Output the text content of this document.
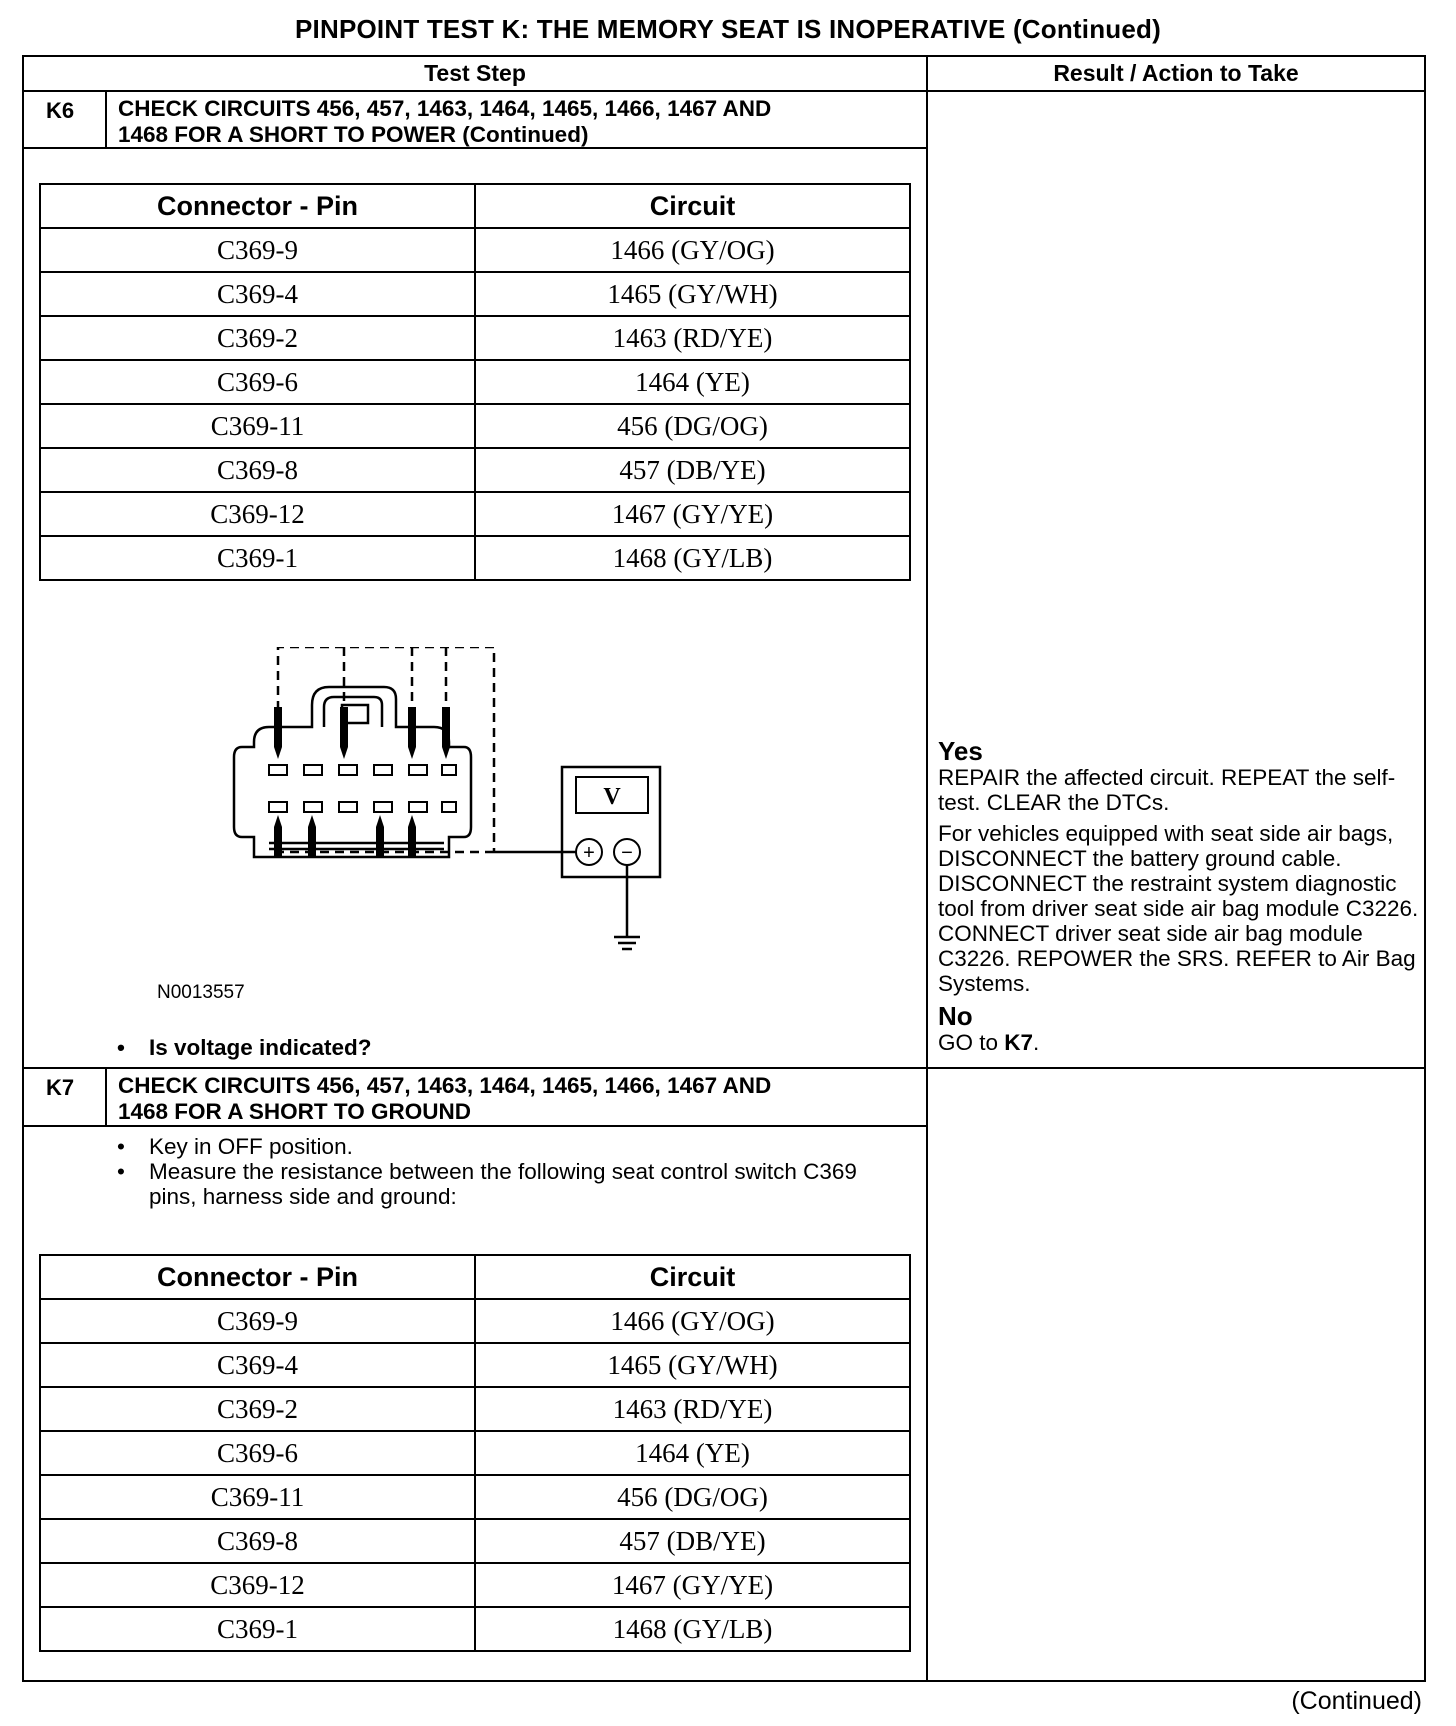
PINPOINT TEST K: THE MEMORY SEAT IS INOPERATIVE (Continued)
Test Step	Result / Action to Take
K6 CHECK CIRCUITS 456, 457, 1463, 1464, 1465, 1466, 1467 AND
1468 FOR A SHORT TO POWER (Continued)
Connector - Pin	Circuit
C369-9	1466 (GY/OG)
C369-4	1465 (GY/WH)
C369-2	1463 (RD/YE)
C369-6	1464 (YE)
C369-11	456 (DG/OG)
C369-8	457 (DB/YE)
C369-12	1467 (GY/YE)
C369-1	1468 (GY/LB)
V
+ −
N0013557
• Is voltage indicated?
Yes

REPAIR the affected circuit. REPEAT the self-test. CLEAR the DTCs.

For vehicles equipped with seat side air bags, DISCONNECT the battery ground cable. DISCONNECT the restraint system diagnostic tool from driver seat side air bag module C3226. CONNECT driver seat side air bag module C3226. REPOWER the SRS. REFER to Air Bag Systems.

No

GO to K7.

K7 CHECK CIRCUITS 456, 457, 1463, 1464, 1465, 1466, 1467 AND
1468 FOR A SHORT TO GROUND
• Key in OFF position.
• Measure the resistance between the following seat control switch C369 pins, harness side and ground:
Connector - Pin	Circuit
C369-9	1466 (GY/OG)
C369-4	1465 (GY/WH)
C369-2	1463 (RD/YE)
C369-6	1464 (YE)
C369-11	456 (DG/OG)
C369-8	457 (DB/YE)
C369-12	1467 (GY/YE)
C369-1	1468 (GY/LB)
(Continued)
